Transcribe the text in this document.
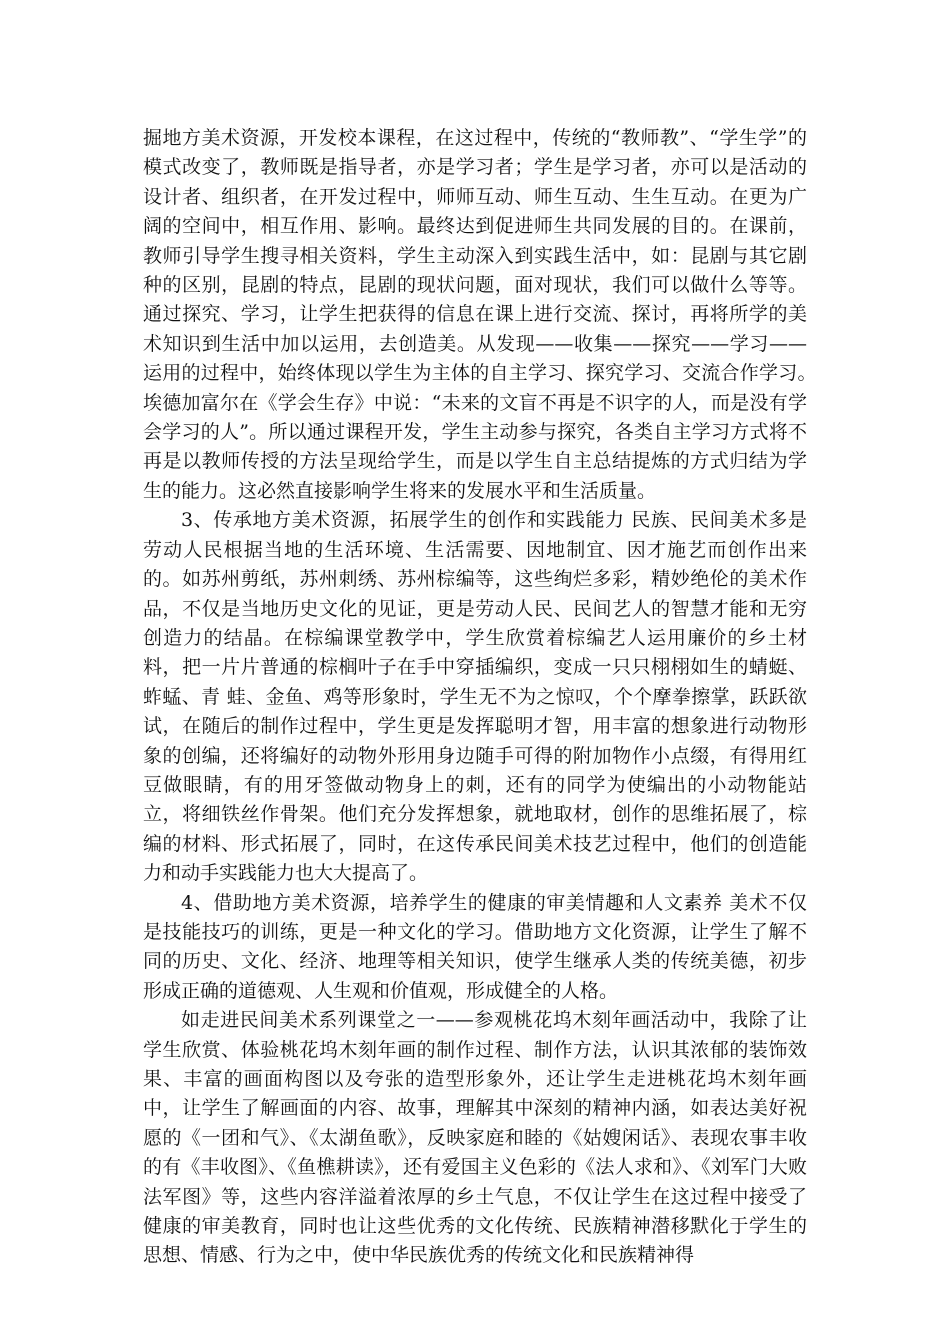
掘地方美术资源，开发校本课程，在这过程中，传统的“教师教”、“学生学”的模式改变了，教师既是指导者，亦是学习者；学生是学习者，亦可以是活动的设计者、组织者，在开发过程中，师师互动、师生互动、生生互动。在更为广阔的空间中，相互作用、影响。最终达到促进师生共同发展的目的。在课前，教师引导学生搜寻相关资料，学生主动深入到实践生活中，如：昆剧与其它剧种的区别，昆剧的特点，昆剧的现状问题，面对现状，我们可以做什么等等。通过探究、学习，让学生把获得的信息在课上进行交流、探讨，再将所学的美术知识到生活中加以运用，去创造美。从发现——收集——探究——学习——运用的过程中，始终体现以学生为主体的自主学习、探究学习、交流合作学习。　　埃德加富尔在《学会生存》中说：“未来的文盲不再是不识字的人，而是没有学会学习的人”。所以通过课程开发，学生主动参与探究，各类自主学习方式将不再是以教师传授的方法呈现给学生，而是以学生自主总结提炼的方式归结为学生的能力。这必然直接影响学生将来的发展水平和生活质量。

3、传承地方美术资源，拓展学生的创作和实践能力 民族、民间美术多是劳动人民根据当地的生活环境、生活需要、因地制宜、因才施艺而创作出来的。如苏州剪纸，苏州刺绣、苏州棕编等，这些绚烂多彩，精妙绝伦的美术作品，不仅是当地历史文化的见证，更是劳动人民、民间艺人的智慧才能和无穷创造力的结晶。在棕编课堂教学中，学生欣赏着棕编艺人运用廉价的乡土材料，把一片片普通的棕榈叶子在手中穿插编织，变成一只只栩栩如生的蜻蜓、蚱蜢、青 蛙、金鱼、鸡等形象时，学生无不为之惊叹，个个摩拳擦掌，跃跃欲试，在随后的制作过程中，学生更是发挥聪明才智，用丰富的想象进行动物形象的创编，还将编好的动物外形用身边随手可得的附加物作小点缀，有得用红豆做眼睛，有的用牙签做动物身上的刺，还有的同学为使编出的小动物能站立，将细铁丝作骨架。他们充分发挥想象，就地取材，创作的思维拓展了，棕编的材料、形式拓展了，同时，在这传承民间美术技艺过程中，他们的创造能力和动手实践能力也大大提高了。

4、借助地方美术资源，培养学生的健康的审美情趣和人文素养 美术不仅是技能技巧的训练，更是一种文化的学习。借助地方文化资源，让学生了解不同的历史、文化、经济、地理等相关知识，使学生继承人类的传统美德，初步形成正确的道德观、人生观和价值观，形成健全的人格。

如走进民间美术系列课堂之一——参观桃花坞木刻年画活动中，我除了让学生欣赏、体验桃花坞木刻年画的制作过程、制作方法，认识其浓郁的装饰效果、丰富的画面构图以及夸张的造型形象外，还让学生走进桃花坞木刻年画中，让学生了解画面的内容、故事，理解其中深刻的精神内涵，如表达美好祝愿的《一团和气》、《太湖鱼歌》，反映家庭和睦的《姑嫂闲话》、表现农事丰收的有《丰收图》、《鱼樵耕读》，还有爱国主义色彩的《法人求和》、《刘军门大败法军图》等，这些内容洋溢着浓厚的乡土气息，不仅让学生在这过程中接受了健康的审美教育，同时也让这些优秀的文化传统、民族精神潜移默化于学生的思想、情感、行为之中，使中华民族优秀的传统文化和民族精神得
